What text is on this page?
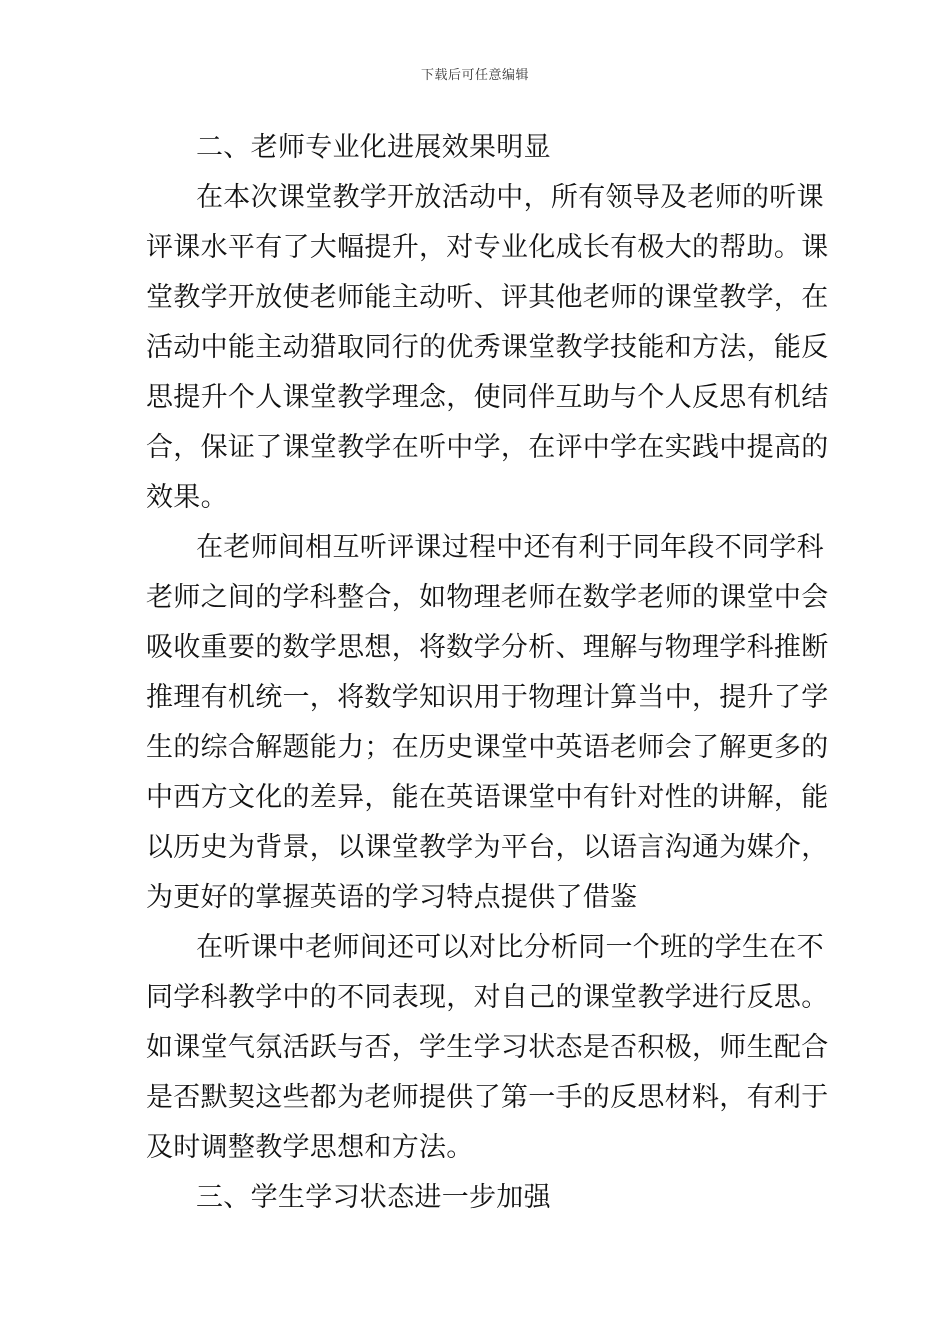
下载后可任意编辑
二、老师专业化进展效果明显
在本次课堂教学开放活动中，所有领导及老师的听课
评课水平有了大幅提升，对专业化成长有极大的帮助。课
堂教学开放使老师能主动听、评其他老师的课堂教学，在
活动中能主动猎取同行的优秀课堂教学技能和方法，能反
思提升个人课堂教学理念，使同伴互助与个人反思有机结
合，保证了课堂教学在听中学，在评中学在实践中提高的
效果。
在老师间相互听评课过程中还有利于同年段不同学科
老师之间的学科整合，如物理老师在数学老师的课堂中会
吸收重要的数学思想，将数学分析、理解与物理学科推断
推理有机统一，将数学知识用于物理计算当中，提升了学
生的综合解题能力；在历史课堂中英语老师会了解更多的
中西方文化的差异，能在英语课堂中有针对性的讲解，能
以历史为背景，以课堂教学为平台，以语言沟通为媒介，
为更好的掌握英语的学习特点提供了借鉴
在听课中老师间还可以对比分析同一个班的学生在不
同学科教学中的不同表现，对自己的课堂教学进行反思。
如课堂气氛活跃与否，学生学习状态是否积极，师生配合
是否默契这些都为老师提供了第一手的反思材料，有利于
及时调整教学思想和方法。
三、学生学习状态进一步加强
